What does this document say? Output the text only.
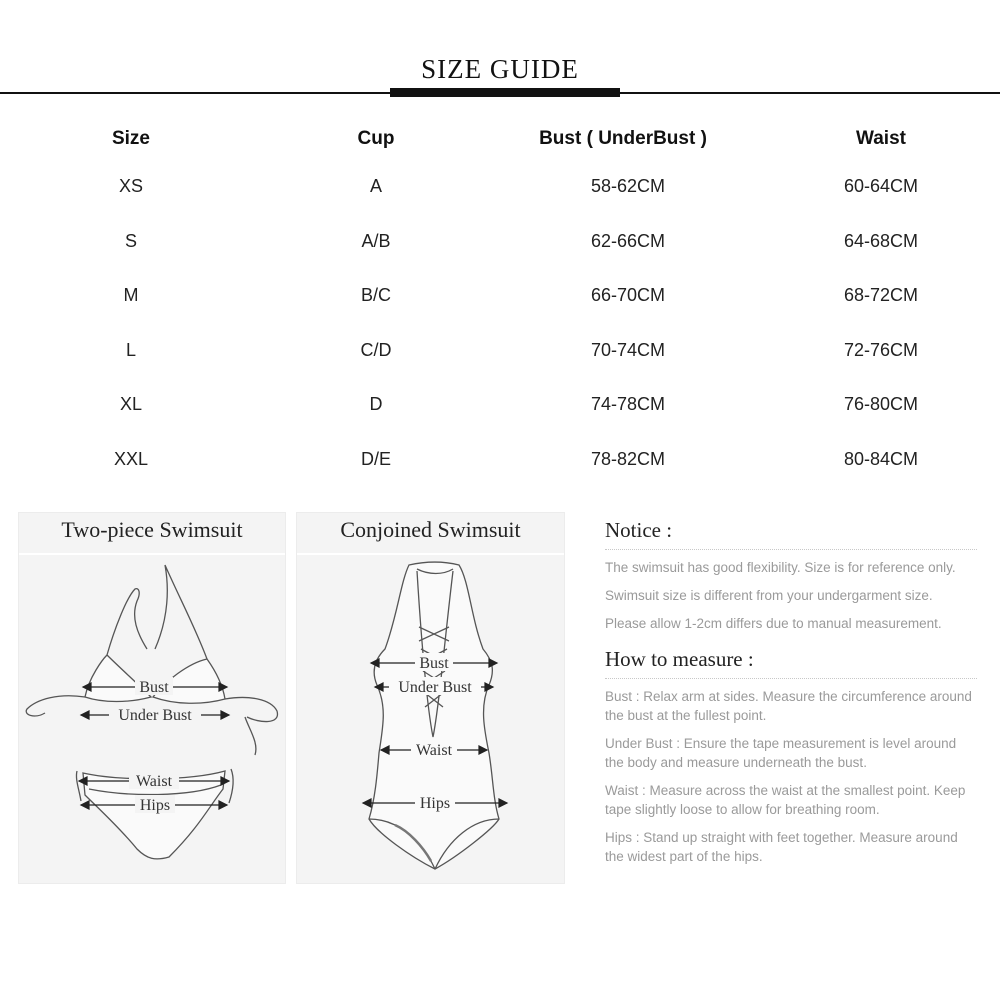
SIZE GUIDE
Size	Cup	Bust ( UnderBust )	Waist
XS	A	58-62CM	60-64CM
S	A/B	62-66CM	64-68CM
M	B/C	66-70CM	68-72CM
L	C/D	70-74CM	72-76CM
XL	D	74-78CM	76-80CM
XXL	D/E	78-82CM	80-84CM
Two-piece Swimsuit
Bust
Under Bust
Waist
Hips
Conjoined Swimsuit
Bust
Under Bust
Waist
Hips
Notice :
The swimsuit has good flexibility. Size is for reference only.
Swimsuit size is different from your undergarment size.
Please allow 1-2cm differs due to manual measurement.
How to measure :
Bust : Relax arm at sides. Measure the circumference around the bust at the fullest point.
Under Bust : Ensure the tape measurement is level around the body and measure underneath the bust.
Waist : Measure across the waist at the smallest point. Keep tape slightly loose to allow for breathing room.
Hips : Stand up straight with feet together. Measure around the widest part of the hips.
